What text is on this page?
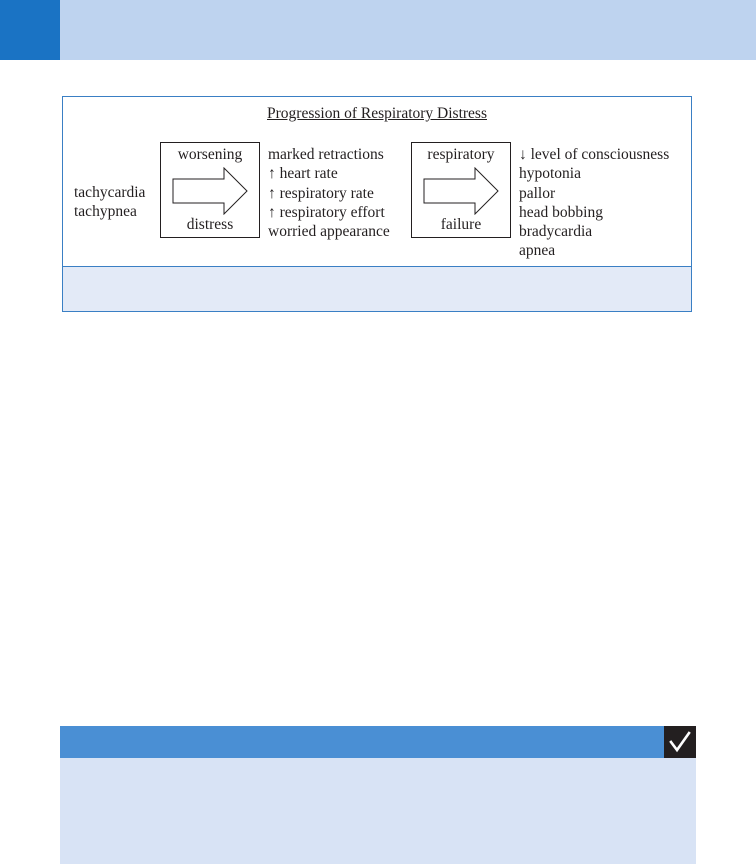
Progression of Respiratory Distress
tachycardia
tachypnea
worsening
distress
marked retractions
↑ heart rate
↑ respiratory rate
↑ respiratory effort
worried appearance
respiratory
failure
↓ level of consciousness
hypotonia
pallor
head bobbing
bradycardia
apnea
